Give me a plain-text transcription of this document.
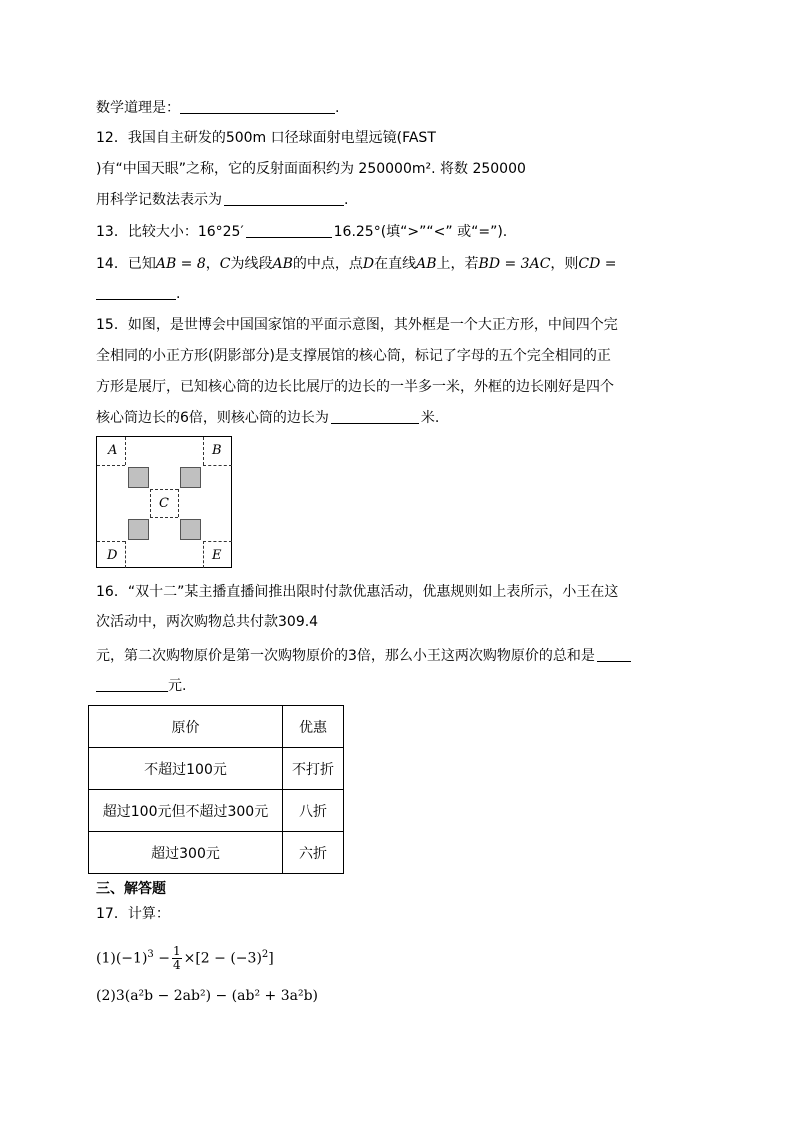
数学道理是：	.
12．我国自主研发的500m 口径球面射电望远镜(FAST
)有“中国天眼”之称，它的反射面面积约为 250000m². 将数 250000
用科学记数法表示为	.
13．比较大小：16°25′	16.25°(填“>”“<” 或“=”).
14．已知AB = 8，C为线段AB的中点，点D在直线AB上，若BD = 3AC，则CD =
.
15．如图，是世博会中国国家馆的平面示意图，其外框是一个大正方形，中间四个完
全相同的小正方形(阴影部分)是支撑展馆的核心筒，标记了字母的五个完全相同的正
方形是展厅，已知核心筒的边长比展厅的边长的一半多一米，外框的边长刚好是四个
核心筒边长的6倍，则核心筒的边长为	米.
A	B
C
D	E
16．“双十二”某主播直播间推出限时付款优惠活动，优惠规则如上表所示，小王在这
次活动中，两次购物总共付款309.4
元，第二次购物原价是第一次购物原价的3倍，那么小王这两次购物原价的总和是
元.
原价	优惠
不超过100元	不打折
超过100元但不超过300元	八折
超过300元	六折
三、解答题
17．计算：
$(1)(-1)^3 - \frac{1}{4} \times[2 - (-3)^2]$
(2)3(a²b − 2ab²) − (ab² + 3a²b)
